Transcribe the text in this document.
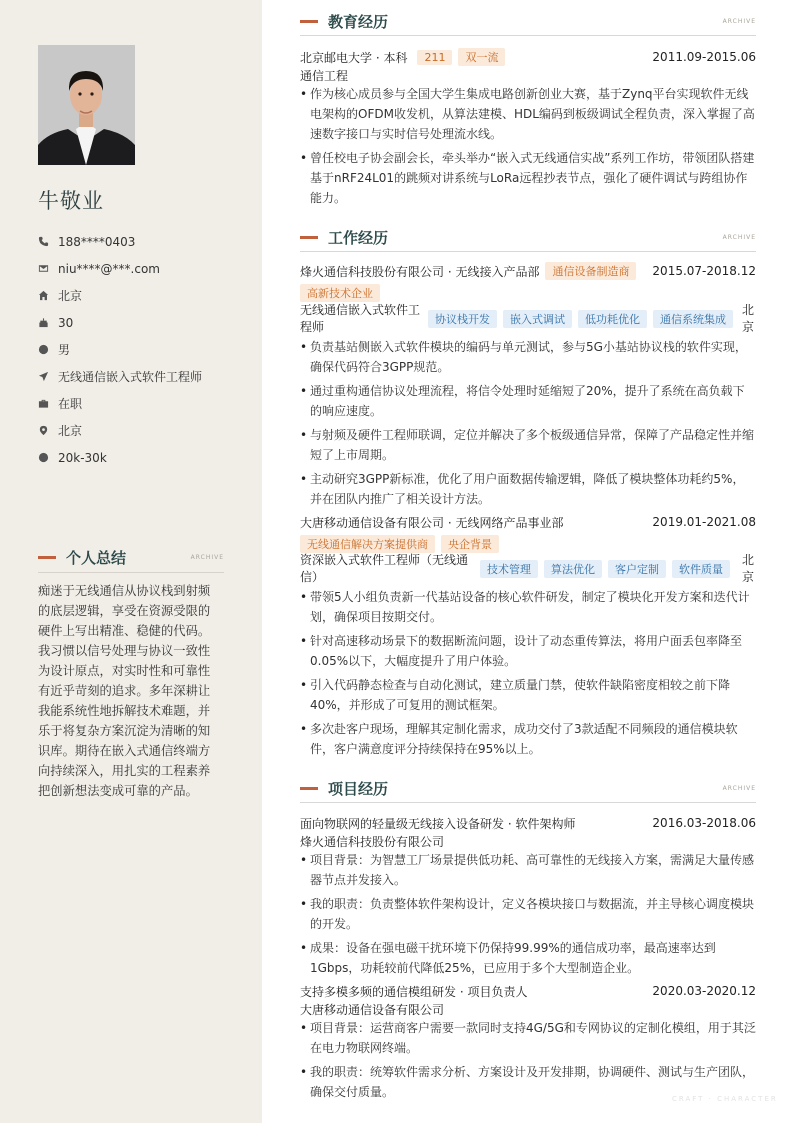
牛敬业
188****0403
niu****@***.com
北京
30
男
无线通信嵌入式软件工程师
在职
北京
20k-30k
个人总结	ARCHIVE
痴迷于无线通信从协议栈到射频的底层逻辑，享受在资源受限的硬件上写出精准、稳健的代码。我习惯以信号处理与协议一致性为设计原点，对实时性和可靠性有近乎苛刻的追求。多年深耕让我能系统性地拆解技术难题，并乐于将复杂方案沉淀为清晰的知识库。期待在嵌入式通信终端方向持续深入，用扎实的工程素养把创新想法变成可靠的产品。
教育经历	ARCHIVE
北京邮电大学 · 本科	211	双一流	2011.09-2015.06
通信工程
• 作为核心成员参与全国大学生集成电路创新创业大赛，基于Zynq平台实现软件无线电架构的OFDM收发机，从算法建模、HDL编码到板级调试全程负责，深入掌握了高速数字接口与实时信号处理流水线。
• 曾任校电子协会副会长，牵头举办“嵌入式无线通信实战”系列工作坊，带领团队搭建基于nRF24L01的跳频对讲系统与LoRa远程抄表节点，强化了硬件调试与跨组协作能力。
工作经历	ARCHIVE
烽火通信科技股份有限公司 · 无线接入产品部	通信设备制造商	2015.07-2018.12
高新技术企业
无线通信嵌入式软件工程师
协议栈开发	嵌入式调试	低功耗优化	通信系统集成
北京
• 负责基站侧嵌入式软件模块的编码与单元测试，参与5G小基站协议栈的软件实现，确保代码符合3GPP规范。
• 通过重构通信协议处理流程，将信令处理时延缩短了20%，提升了系统在高负载下的响应速度。
• 与射频及硬件工程师联调，定位并解决了多个板级通信异常，保障了产品稳定性并缩短了上市周期。
• 主动研究3GPP新标准，优化了用户面数据传输逻辑，降低了模块整体功耗约5%，并在团队内推广了相关设计方法。
大唐移动通信设备有限公司 · 无线网络产品事业部	2019.01-2021.08
无线通信解决方案提供商	央企背景
资深嵌入式软件工程师（无线通信）
技术管理	算法优化	客户定制	软件质量
北京
• 带领5人小组负责新一代基站设备的核心软件研发，制定了模块化开发方案和迭代计划，确保项目按期交付。
• 针对高速移动场景下的数据断流问题，设计了动态重传算法，将用户面丢包率降至0.05%以下，大幅度提升了用户体验。
• 引入代码静态检查与自动化测试，建立质量门禁，使软件缺陷密度相较之前下降40%，并形成了可复用的测试框架。
• 多次赴客户现场，理解其定制化需求，成功交付了3款适配不同频段的通信模块软件，客户满意度评分持续保持在95%以上。
项目经历	ARCHIVE
面向物联网的轻量级无线接入设备研发 · 软件架构师	2016.03-2018.06
烽火通信科技股份有限公司
• 项目背景：为智慧工厂场景提供低功耗、高可靠性的无线接入方案，需满足大量传感器节点并发接入。
• 我的职责：负责整体软件架构设计，定义各模块接口与数据流，并主导核心调度模块的开发。
• 成果：设备在强电磁干扰环境下仍保持99.99%的通信成功率，最高速率达到1Gbps，功耗较前代降低25%，已应用于多个大型制造企业。
支持多模多频的通信模组研发 · 项目负责人	2020.03-2020.12
大唐移动通信设备有限公司
• 项目背景：运营商客户需要一款同时支持4G/5G和专网协议的定制化模组，用于其泛在电力物联网终端。
• 我的职责：统筹软件需求分析、方案设计及开发排期，协调硬件、测试与生产团队，确保交付质量。	CRAFT · CHARACTER
